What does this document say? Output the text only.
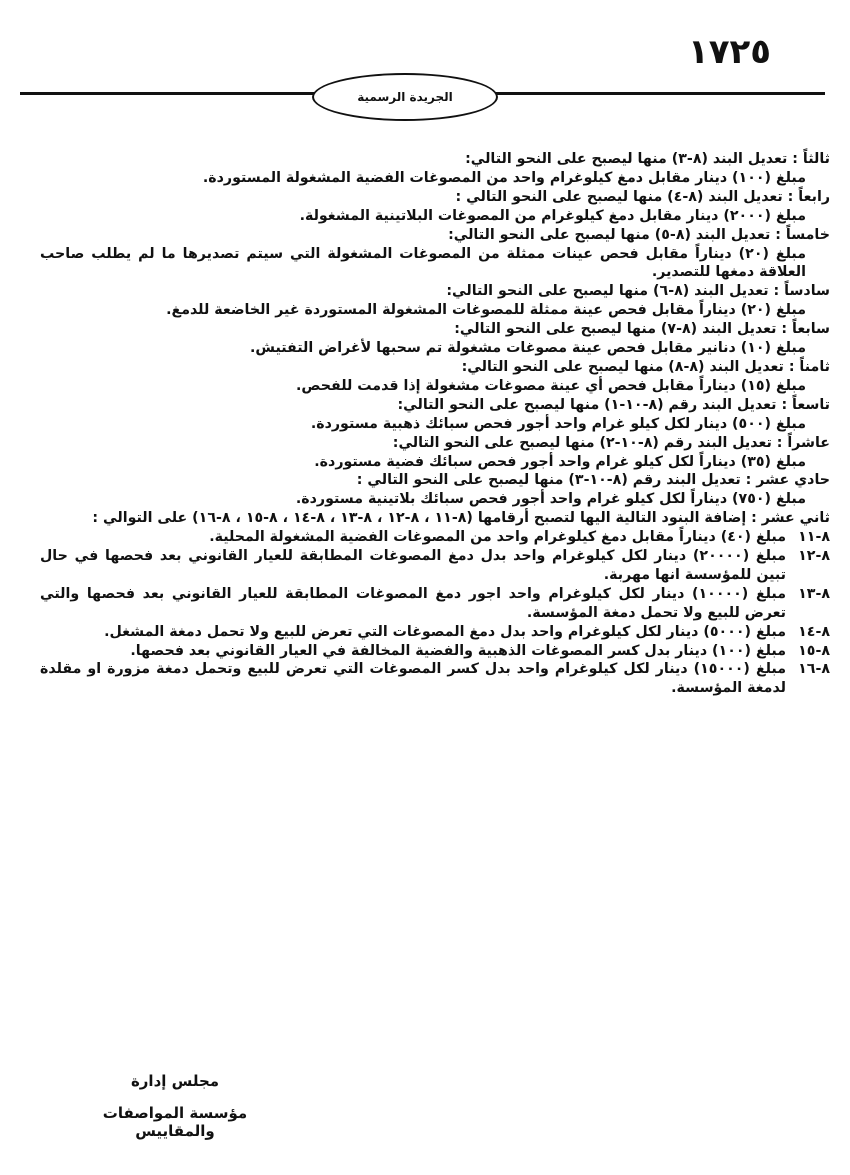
١٧٢٥
الجريدة الرسمية
ثالثاً : تعديل البند (٨-٣) منها ليصبح على النحو التالي:
مبلغ (١٠٠) دينار مقابل دمغ كيلوغرام واحد من المصوغات الفضية المشغولة المستوردة.
رابعاً : تعديل البند (٨-٤) منها ليصبح على النحو التالي :
مبلغ (٢٠٠٠) دينار مقابل دمغ كيلوغرام من المصوغات البلاتينية المشغولة.
خامساً : تعديل البند (٨-٥) منها ليصبح على النحو التالي:
مبلغ (٢٠) ديناراً مقابل فحص عينات ممثلة من المصوغات المشغولة التي سيتم تصديرها ما لم يطلب صاحب العلاقة دمغها للتصدير.
سادساً : تعديل البند (٨-٦) منها ليصبح على النحو التالي:
مبلغ (٢٠) ديناراً مقابل فحص عينة ممثلة للمصوغات المشغولة المستوردة غير الخاضعة للدمغ.
سابعاً : تعديل البند (٨-٧) منها ليصبح على النحو التالي:
مبلغ (١٠) دنانير مقابل فحص عينة مصوغات مشغولة تم سحبها لأغراض التفتيش.
ثامناً : تعديل البند (٨-٨) منها ليصبح على النحو التالي:
مبلغ (١٥) ديناراً مقابل فحص أي عينة مصوغات مشغولة إذا قدمت للفحص.
تاسعاً : تعديل البند رقم (٨-١٠-١) منها ليصبح على النحو التالي:
مبلغ (٥٠٠) دينار لكل كيلو غرام واحد أجور فحص سبائك ذهبية مستوردة.
عاشراً : تعديل البند رقم (٨-١٠-٢) منها ليصبح على النحو التالي:
مبلغ (٣٥) ديناراً لكل كيلو غرام واحد أجور فحص سبائك فضية مستوردة.
حادي عشر : تعديل البند رقم (٨-١٠-٣) منها ليصبح على النحو التالي :
مبلغ (٧٥٠) ديناراً لكل كيلو غرام واحد أجور فحص سبائك بلاتينية مستوردة.
ثاني عشر : إضافة البنود التالية اليها لتصبح أرقامها (٨-١١ ، ٨-١٢ ، ٨-١٣ ، ٨-١٤ ، ٨-١٥ ، ٨-١٦) على التوالي :
٨-١١
مبلغ (٤٠) ديناراً مقابل دمغ كيلوغرام واحد من المصوغات الفضية المشغولة المحلية.
٨-١٢
مبلغ (٢٠٠٠٠) دينار لكل كيلوغرام واحد بدل دمغ المصوغات المطابقة للعيار القانوني بعد فحصها في حال تبين للمؤسسة انها مهربة.
٨-١٣
مبلغ (١٠٠٠٠) دينار لكل كيلوغرام واحد اجور دمغ المصوغات المطابقة للعيار القانوني بعد فحصها والتي تعرض للبيع ولا تحمل دمغة المؤسسة.
٨-١٤
مبلغ (٥٠٠٠) دينار لكل كيلوغرام واحد بدل دمغ المصوغات التي تعرض للبيع ولا تحمل دمغة المشغل.
٨-١٥
مبلغ (١٠٠) دينار بدل كسر المصوغات الذهبية والفضية المخالفة في العيار القانوني بعد فحصها.
٨-١٦
مبلغ (١٥٠٠٠) دينار لكل كيلوغرام واحد بدل كسر المصوغات التي تعرض للبيع وتحمل دمغة مزورة او مقلدة لدمغة المؤسسة.
مجلس إدارة
مؤسسة المواصفات والمقاييس
